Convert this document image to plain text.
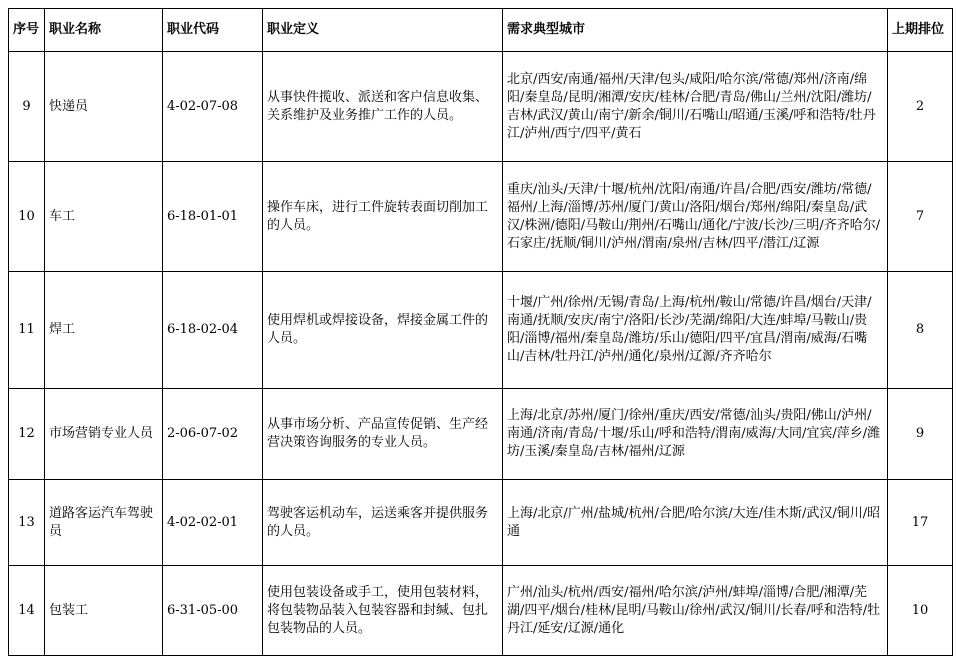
序号	职业名称	职业代码	职业定义	需求典型城市	上期排位
9	快递员	4-02-07-08	从事快件揽收、派送和客户信息收集、关系维护及业务推广工作的人员。	北京/西安/南通/福州/天津/包头/咸阳/哈尔滨/常德/郑州/济南/绵阳/秦皇岛/昆明/湘潭/安庆/桂林/合肥/青岛/佛山/兰州/沈阳/潍坊/吉林/武汉/黄山/南宁/新余/铜川/石嘴山/昭通/玉溪/呼和浩特/牡丹江/泸州/西宁/四平/黄石	2
10	车工	6-18-01-01	操作车床，进行工件旋转表面切削加工的人员。	重庆/汕头/天津/十堰/杭州/沈阳/南通/许昌/合肥/西安/潍坊/常德/福州/上海/淄博/苏州/厦门/黄山/洛阳/烟台/郑州/绵阳/秦皇岛/武汉/株洲/德阳/马鞍山/荆州/石嘴山/通化/宁波/长沙/三明/齐齐哈尔/石家庄/抚顺/铜川/泸州/渭南/泉州/吉林/四平/潜江/辽源	7
11	焊工	6-18-02-04	使用焊机或焊接设备，焊接金属工件的人员。	十堰/广州/徐州/无锡/青岛/上海/杭州/鞍山/常德/许昌/烟台/天津/南通/抚顺/安庆/南宁/洛阳/长沙/芜湖/绵阳/大连/蚌埠/马鞍山/贵阳/淄博/福州/秦皇岛/潍坊/乐山/德阳/四平/宜昌/渭南/威海/石嘴山/吉林/牡丹江/泸州/通化/泉州/辽源/齐齐哈尔	8
12	市场营销专业人员	2-06-07-02	从事市场分析、产品宣传促销、生产经营决策咨询服务的专业人员。	上海/北京/苏州/厦门/徐州/重庆/西安/常德/汕头/贵阳/佛山/泸州/南通/济南/青岛/十堰/乐山/呼和浩特/渭南/威海/大同/宜宾/萍乡/潍坊/玉溪/秦皇岛/吉林/福州/辽源	9
13	道路客运汽车驾驶员	4-02-02-01	驾驶客运机动车，运送乘客并提供服务的人员。	上海/北京/广州/盐城/杭州/合肥/哈尔滨/大连/佳木斯/武汉/铜川/昭通	17
14	包装工	6-31-05-00	使用包装设备或手工，使用包装材料，将包装物品装入包装容器和封缄、包扎包装物品的人员。	广州/汕头/杭州/西安/福州/哈尔滨/泸州/蚌埠/淄博/合肥/湘潭/芜湖/四平/烟台/桂林/昆明/马鞍山/徐州/武汉/铜川/长春/呼和浩特/牡丹江/延安/辽源/通化	10
